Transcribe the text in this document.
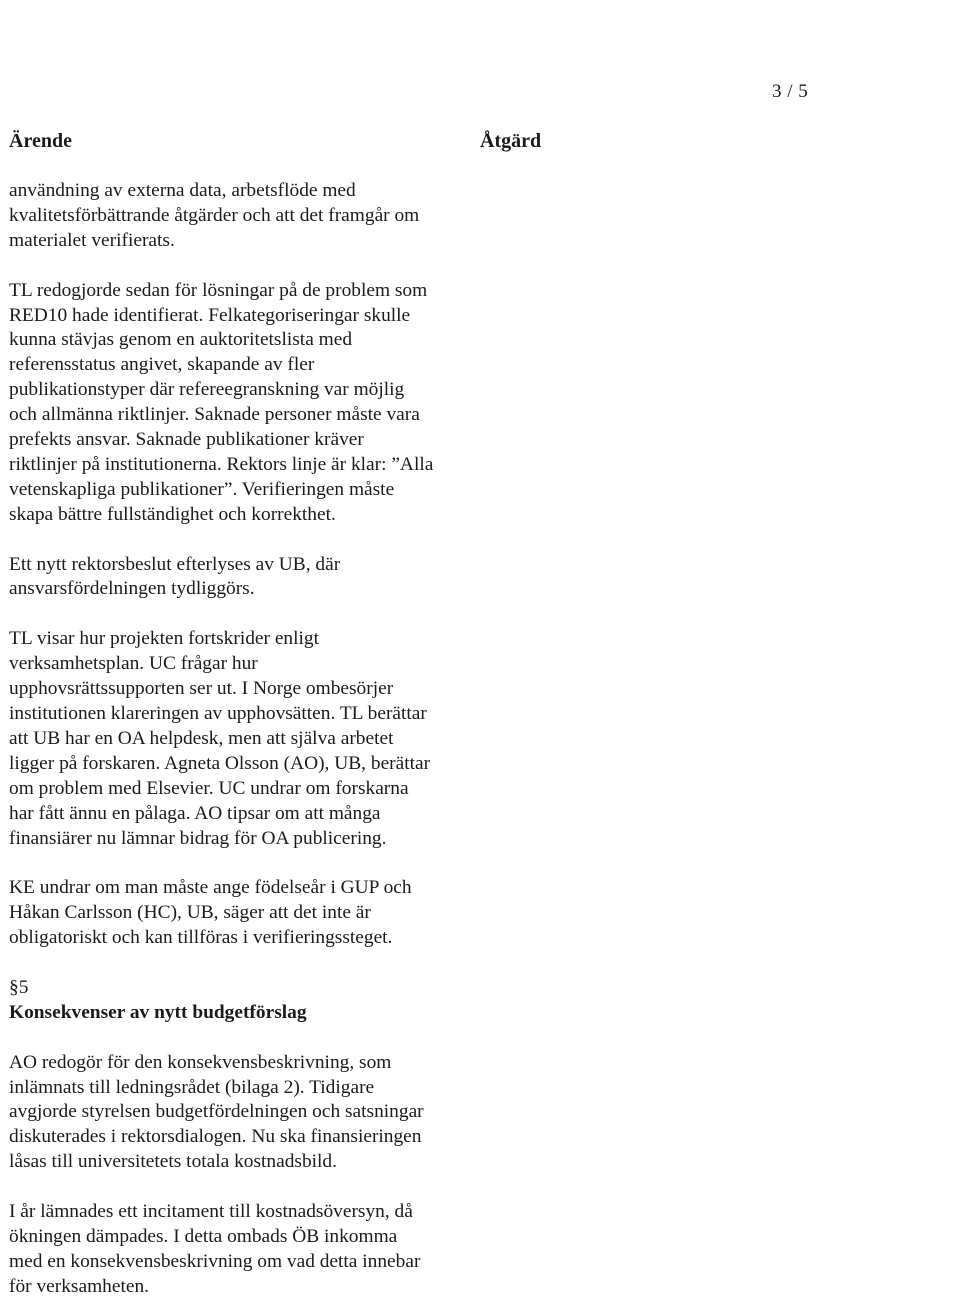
3 / 5
Ärende	Åtgärd
användning av externa data, arbetsflöde med
kvalitetsförbättrande åtgärder och att det framgår om
materialet verifierats.
TL redogjorde sedan för lösningar på de problem som
RED10 hade identifierat. Felkategoriseringar skulle
kunna stävjas genom en auktoritetslista med
referensstatus angivet, skapande av fler
publikationstyper där refereegranskning var möjlig
och allmänna riktlinjer. Saknade personer måste vara
prefekts ansvar. Saknade publikationer kräver
riktlinjer på institutionerna. Rektors linje är klar: ”Alla
vetenskapliga publikationer”. Verifieringen måste
skapa bättre fullständighet och korrekthet.
Ett nytt rektorsbeslut efterlyses av UB, där
ansvarsfördelningen tydliggörs.
TL visar hur projekten fortskrider enligt
verksamhetsplan. UC frågar hur
upphovsrättssupporten ser ut. I Norge ombesörjer
institutionen klareringen av upphovsätten. TL berättar
att UB har en OA helpdesk, men att själva arbetet
ligger på forskaren. Agneta Olsson (AO), UB, berättar
om problem med Elsevier. UC undrar om forskarna
har fått ännu en pålaga. AO tipsar om att många
finansiärer nu lämnar bidrag för OA publicering.
KE undrar om man måste ange födelseår i GUP och
Håkan Carlsson (HC), UB, säger att det inte är
obligatoriskt och kan tillföras i verifieringssteget.
§5
Konsekvenser av nytt budgetförslag
AO redogör för den konsekvensbeskrivning, som
inlämnats till ledningsrådet (bilaga 2). Tidigare
avgjorde styrelsen budgetfördelningen och satsningar
diskuterades i rektorsdialogen. Nu ska finansieringen
låsas till universitetets totala kostnadsbild.
I år lämnades ett incitament till kostnadsöversyn, då
ökningen dämpades. I detta ombads ÖB inkomma
med en konsekvensbeskrivning om vad detta innebar
för verksamheten.
